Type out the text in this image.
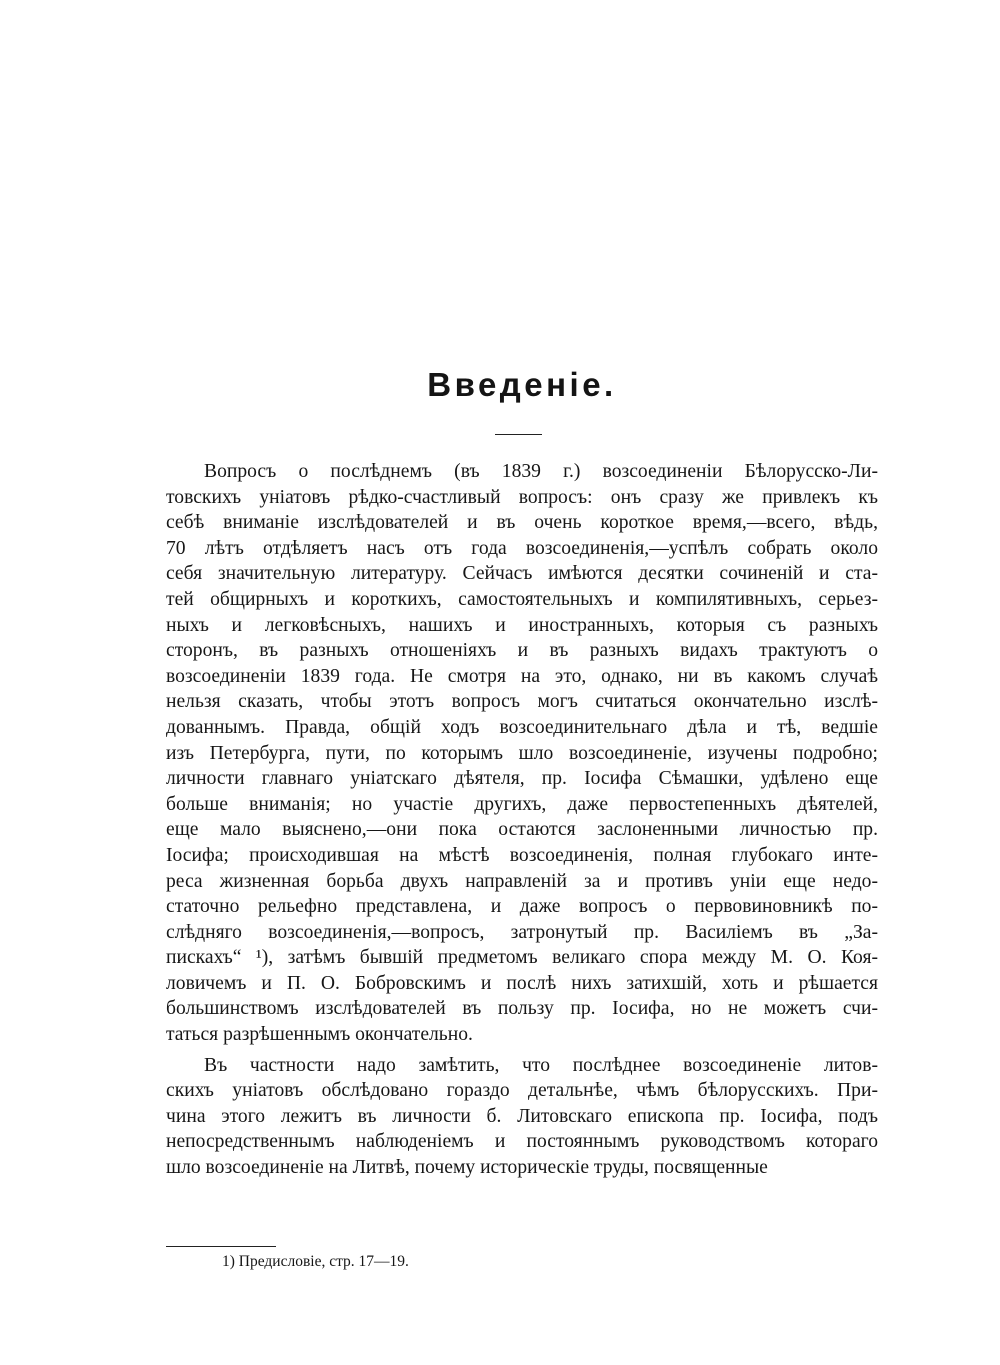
Введеніе.
Вопросъ о послѣднемъ (въ 1839 г.) возсоединеніи Бѣлорусско-Ли-
товскихъ уніатовъ рѣдко-счастливый вопросъ: онъ сразу же привлекъ къ
себѣ вниманіе изслѣдователей и въ очень короткое время,—всего, вѣдь,
70 лѣтъ отдѣляетъ насъ отъ года возсоединенія,—успѣлъ собрать около
себя значительную литературу. Сейчасъ имѣются десятки сочиненій и ста-
тей общирныхъ и короткихъ, самостоятельныхъ и компилятивныхъ, серьез-
ныхъ и легковѣсныхъ, нашихъ и иностранныхъ, которыя съ разныхъ
сторонъ, въ разныхъ отношеніяхъ и въ разныхъ видахъ трактуютъ о
возсоединеніи 1839 года. Не смотря на это, однако, ни въ какомъ случаѣ
нельзя сказать, чтобы этотъ вопросъ могъ считаться окончательно изслѣ-
дованнымъ. Правда, общій ходъ возсоединительнаго дѣла и тѣ, ведшіе
изъ Петербурга, пути, по которымъ шло возсоединеніе, изучены подробно;
личности главнаго уніатскаго дѣятеля, пр. Іосифа Сѣмашки, удѣлено еще
больше вниманія; но участіе другихъ, даже первостепенныхъ дѣятелей,
еще мало выяснено,—они пока остаются заслоненными личностью пр.
Іосифа; происходившая на мѣстѣ возсоединенія, полная глубокаго инте-
реса жизненная борьба двухъ направленій за и противъ уніи еще недо-
статочно рельефно представлена, и даже вопросъ о первовиновникѣ по-
слѣдняго возсоединенія,—вопросъ, затронутый пр. Василіемъ въ „За-
пискахъ“ ¹), затѣмъ бывшій предметомъ великаго спора между М. О. Коя-
ловичемъ и П. О. Бобровскимъ и послѣ нихъ затихшій, хоть и рѣшается
большинствомъ изслѣдователей въ пользу пр. Іосифа, но не можетъ счи-
таться разрѣшеннымъ окончательно.
Въ частности надо замѣтить, что послѣднее возсоединеніе литов-
скихъ уніатовъ обслѣдовано гораздо детальнѣе, чѣмъ бѣлорусскихъ. При-
чина этого лежитъ въ личности б. Литовскаго епископа пр. Іосифа, подъ
непосредственнымъ наблюденіемъ и постояннымъ руководствомъ котораго
шло возсоединеніе на Литвѣ, почему историческіе труды, посвященные
1) Предисловіе, стр. 17—19.
